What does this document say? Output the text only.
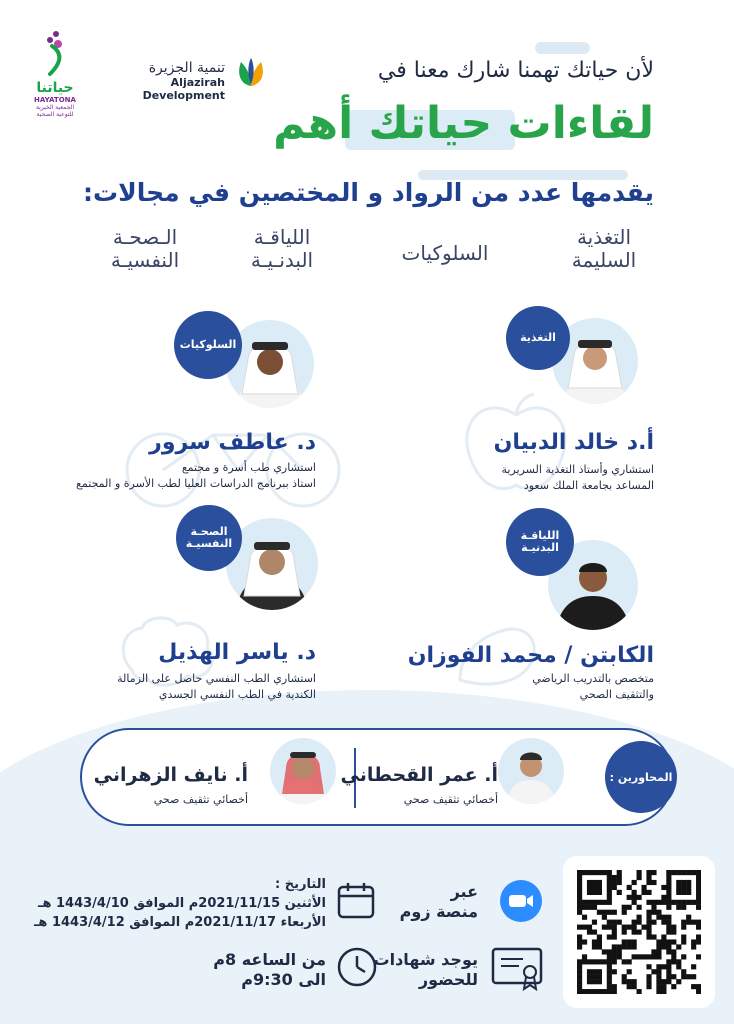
حياتنا
HAYATONA
الجمعية الخيرية للتوعية الصحية
تنمية الجزيرة
Aljazirah Development
لأن حياتك تهمنا شارك معنا في
لقاءات حياتك أهم
يقدمها عدد من الرواد و المختصين في مجالات:
التغذية
السليمة
السلوكيات
اللياقـة
البدنـيـة
الـصحـة
النفسيـة
التغذية
أ.د خالد الدبيان
استشاري وأستاذ التغذية السريرية
المساعد بجامعة الملك سعود
السلوكيات
د. عاطف سرور
استشاري طب أسرة و مجتمع
استاذ ببرنامج الدراسات العليا لطب الأسرة و المجتمع
اللياقـة البدنيـة
الكابتن / محمد الفوزان
متخصص بالتدريب الرياضي
والتثقيف الصحي
الصحـة النفسيـة
د. ياسر الهذيل
استشاري الطب النفسي حاصل على الزمالة
الكندية في الطب النفسي الجسدي
المحاورين :
أ. عمر القحطاني
أخصائي تثقيف صحي
أ. نايف الزهراني
أخصائي تثقيف صحي
عبر
منصة زوم
يوجد شهادات
للحضور
التاريخ :
الأثنين 2021/11/15م الموافق 1443/4/10 هـ
الأربعاء 2021/11/17م الموافق 1443/4/12 هـ
من الساعه 8م
الى 9:30م
